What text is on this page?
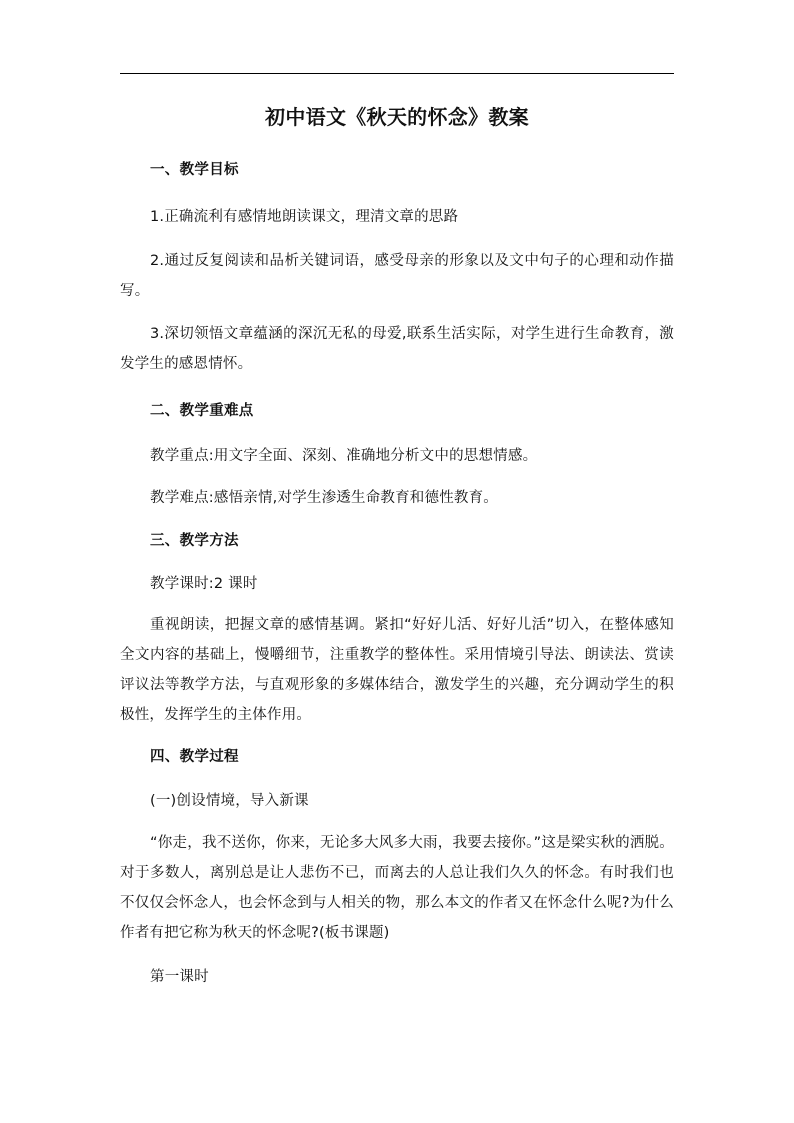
初中语文《秋天的怀念》教案
一、教学目标

1.正确流利有感情地朗读课文，理清文章的思路

2.通过反复阅读和品析关键词语，感受母亲的形象以及文中句子的心理和动作描写。

3.深切领悟文章蕴涵的深沉无私的母爱,联系生活实际，对学生进行生命教育，激发学生的感恩情怀。

二、教学重难点

教学重点:用文字全面、深刻、准确地分析文中的思想情感。

教学难点:感悟亲情,对学生渗透生命教育和德性教育。

三、教学方法

教学课时:2 课时

重视朗读，把握文章的感情基调。紧扣“好好儿活、好好儿活”切入，在整体感知全文内容的基础上，慢嚼细节，注重教学的整体性。采用情境引导法、朗读法、赏读评议法等教学方法，与直观形象的多媒体结合，激发学生的兴趣，充分调动学生的积极性，发挥学生的主体作用。

四、教学过程

(一)创设情境，导入新课

“你走，我不送你，你来，无论多大风多大雨，我要去接你。”这是梁实秋的洒脱。对于多数人，离别总是让人悲伤不已，而离去的人总让我们久久的怀念。有时我们也不仅仅会怀念人，也会怀念到与人相关的物，那么本文的作者又在怀念什么呢?为什么作者有把它称为秋天的怀念呢?(板书课题)

第一课时
